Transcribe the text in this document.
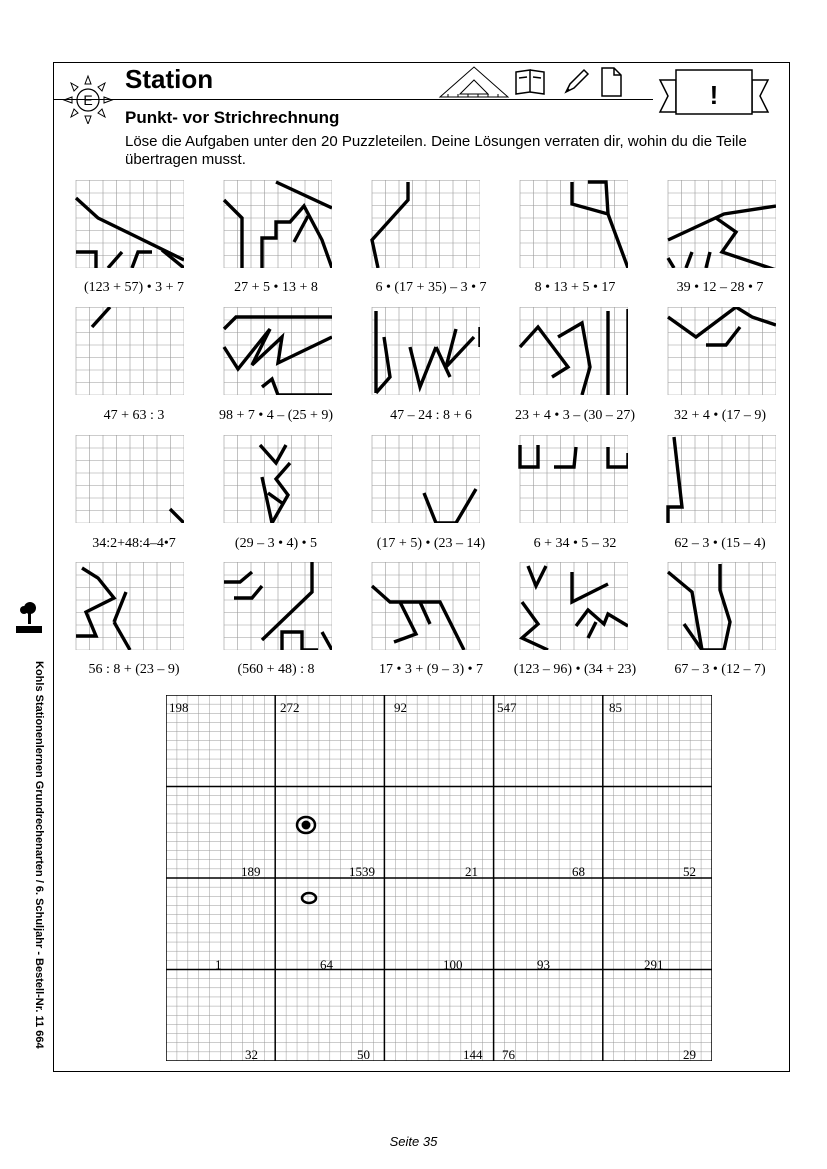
E
Station
Punkt- vor Strichrechnung
Löse die Aufgaben unter den 20 Puzzleteilen. Deine Lösungen verraten dir, wohin du die Teile übertragen musst.
!
Kohls Stationenlernen Grundrechenarten / 6. Schuljahr - Bestell-Nr. 11 664
Seite 35
(123 + 57) • 3 + 7	27 + 5 • 13 + 8	6 • (17 + 35) – 3 • 7	8 • 13 + 5 • 17	39 • 12 – 28 • 7
47 + 63 : 3	98 + 7 • 4 – (25 + 9)	47 – 24 : 8 + 6	23 + 4 • 3 – (30 – 27)	32 + 4 • (17 – 9)
34:2+48:4–4•7	(29 – 3 • 4) • 5	(17 + 5) • (23 – 14)	6 + 34 • 5 – 32	62 – 3 • (15 – 4)
56 : 8 + (23 – 9)	(560 + 48) : 8	17 • 3 + (9 – 3) • 7	(123 – 96) • (34 + 23)	67 – 3 • (12 – 7)
198	272	92	547	85
189	1539	21	68	52
1	64	100	93	291
32	50	144 76	29
